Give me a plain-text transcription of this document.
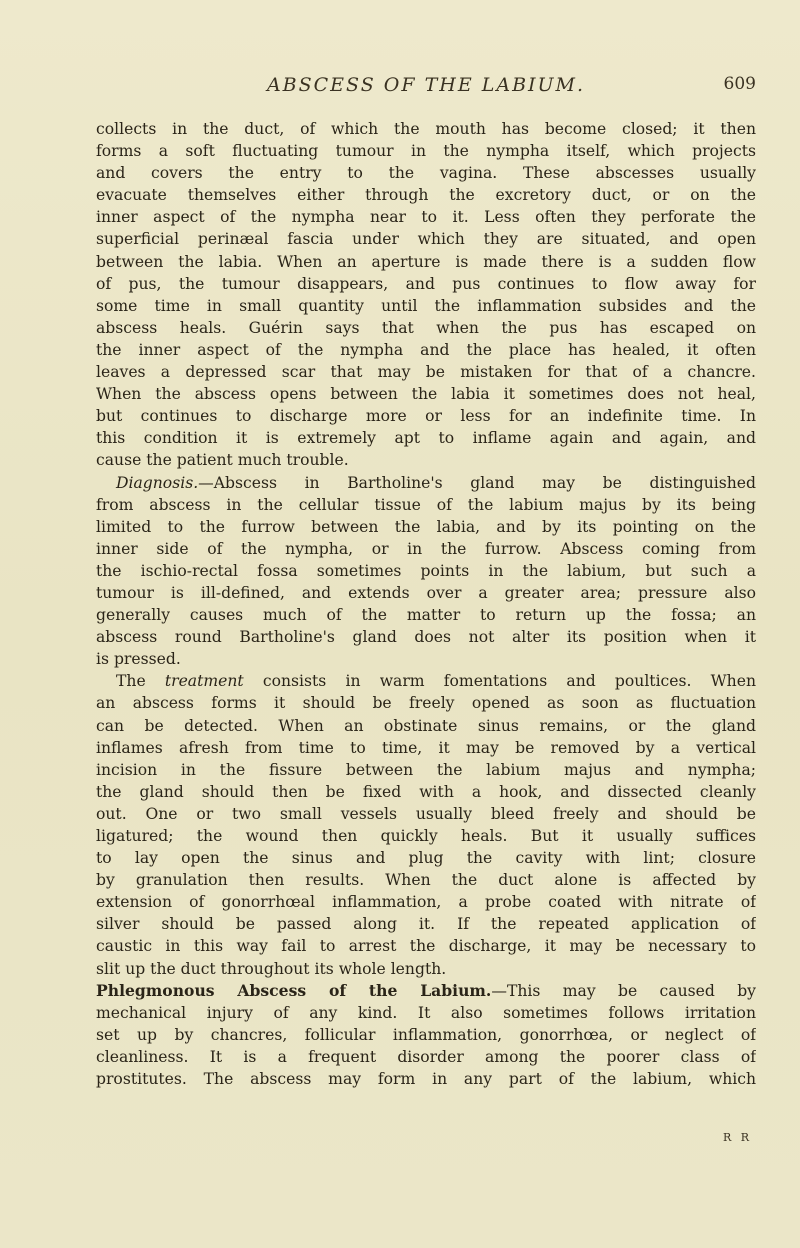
ABSCESS OF THE LABIUM.	609
collects in the duct, of which the mouth has become closed; it then
forms a soft fluctuating tumour in the nympha itself, which projects
and covers the entry to the vagina. These abscesses usually
evacuate themselves either through the excretory duct, or on the
inner aspect of the nympha near to it. Less often they perforate the
superficial perinæal fascia under which they are situated, and open
between the labia. When an aperture is made there is a sudden flow
of pus, the tumour disappears, and pus continues to flow away for
some time in small quantity until the inflammation subsides and the
abscess heals. Guérin says that when the pus has escaped on
the inner aspect of the nympha and the place has healed, it often
leaves a depressed scar that may be mistaken for that of a chancre.
When the abscess opens between the labia it sometimes does not heal,
but continues to discharge more or less for an indefinite time. In
this condition it is extremely apt to inflame again and again, and
cause the patient much trouble.
Diagnosis.—Abscess in Bartholine's gland may be distinguished
from abscess in the cellular tissue of the labium majus by its being
limited to the furrow between the labia, and by its pointing on the
inner side of the nympha, or in the furrow. Abscess coming from
the ischio-rectal fossa sometimes points in the labium, but such a
tumour is ill-defined, and extends over a greater area; pressure also
generally causes much of the matter to return up the fossa; an
abscess round Bartholine's gland does not alter its position when it
is pressed.
The treatment consists in warm fomentations and poultices. When
an abscess forms it should be freely opened as soon as fluctuation
can be detected. When an obstinate sinus remains, or the gland
inflames afresh from time to time, it may be removed by a vertical
incision in the fissure between the labium majus and nympha;
the gland should then be fixed with a hook, and dissected cleanly
out. One or two small vessels usually bleed freely and should be
ligatured; the wound then quickly heals. But it usually suffices
to lay open the sinus and plug the cavity with lint; closure
by granulation then results. When the duct alone is affected by
extension of gonorrhœal inflammation, a probe coated with nitrate of
silver should be passed along it. If the repeated application of
caustic in this way fail to arrest the discharge, it may be necessary to
slit up the duct throughout its whole length.
Phlegmonous Abscess of the Labium.—This may be caused by
mechanical injury of any kind. It also sometimes follows irritation
set up by chancres, follicular inflammation, gonorrhœa, or neglect of
cleanliness. It is a frequent disorder among the poorer class of
prostitutes. The abscess may form in any part of the labium, which
R R
